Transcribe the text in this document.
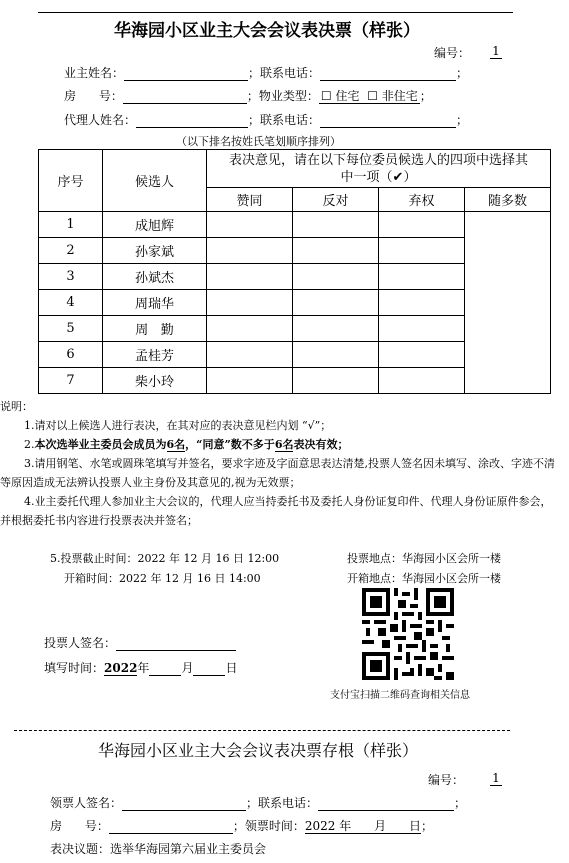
华海园小区业主大会会议表决票（样张）
编号： 1
业主姓名：	；联系电话：	；
房      号：	；物业类型： ☐ 住宅 ☐ 非住宅 ；
代理人姓名：	；联系电话：	；
（以下排名按姓氏笔划顺序排列）
序号	候选人	表决意见，请在以下每位委员候选人的四项中选择其中一项（✔）			
		赞同	反对	弃权	随多数
1	成旭辉				
2	孙家斌				
3	孙斌杰				
4	周瑞华				
5	周   勤				
6	孟桂芳				
7	柴小玲				
说明：

1.请对以上候选人进行表决，在其对应的表决意见栏内划 “√”；

2.本次选举业主委员会成员为6名，“同意”数不多于6名表决有效；

3.请用钢笔、水笔或圆珠笔填写并签名，要求字迹及字面意思表达清楚,投票人签名因未填写、涂改、字迹不清等原因造成无法辨认投票人业主身份及其意见的,视为无效票；

4.业主委托代理人参加业主大会议的，代理人应当持委托书及委托人身份证复印件、代理人身份证原件参会，并根据委托书内容进行投票表决并签名；

5.投票截止时间：2022 年 12 月 16 日 12:00	投票地点：华海园小区会所一楼
开箱时间：2022 年 12 月 16 日 14:00	开箱地点：华海园小区会所一楼
投票人签名：
填写时间：2022年	月	日
支付宝扫描二维码查询相关信息
华海园小区业主大会会议表决票存根（样张）
编号： 1
领票人签名：	；联系电话：	；
房      号：	；领票时间：2022 年      月      日；
表决议题：选举华海园第六届业主委员会
